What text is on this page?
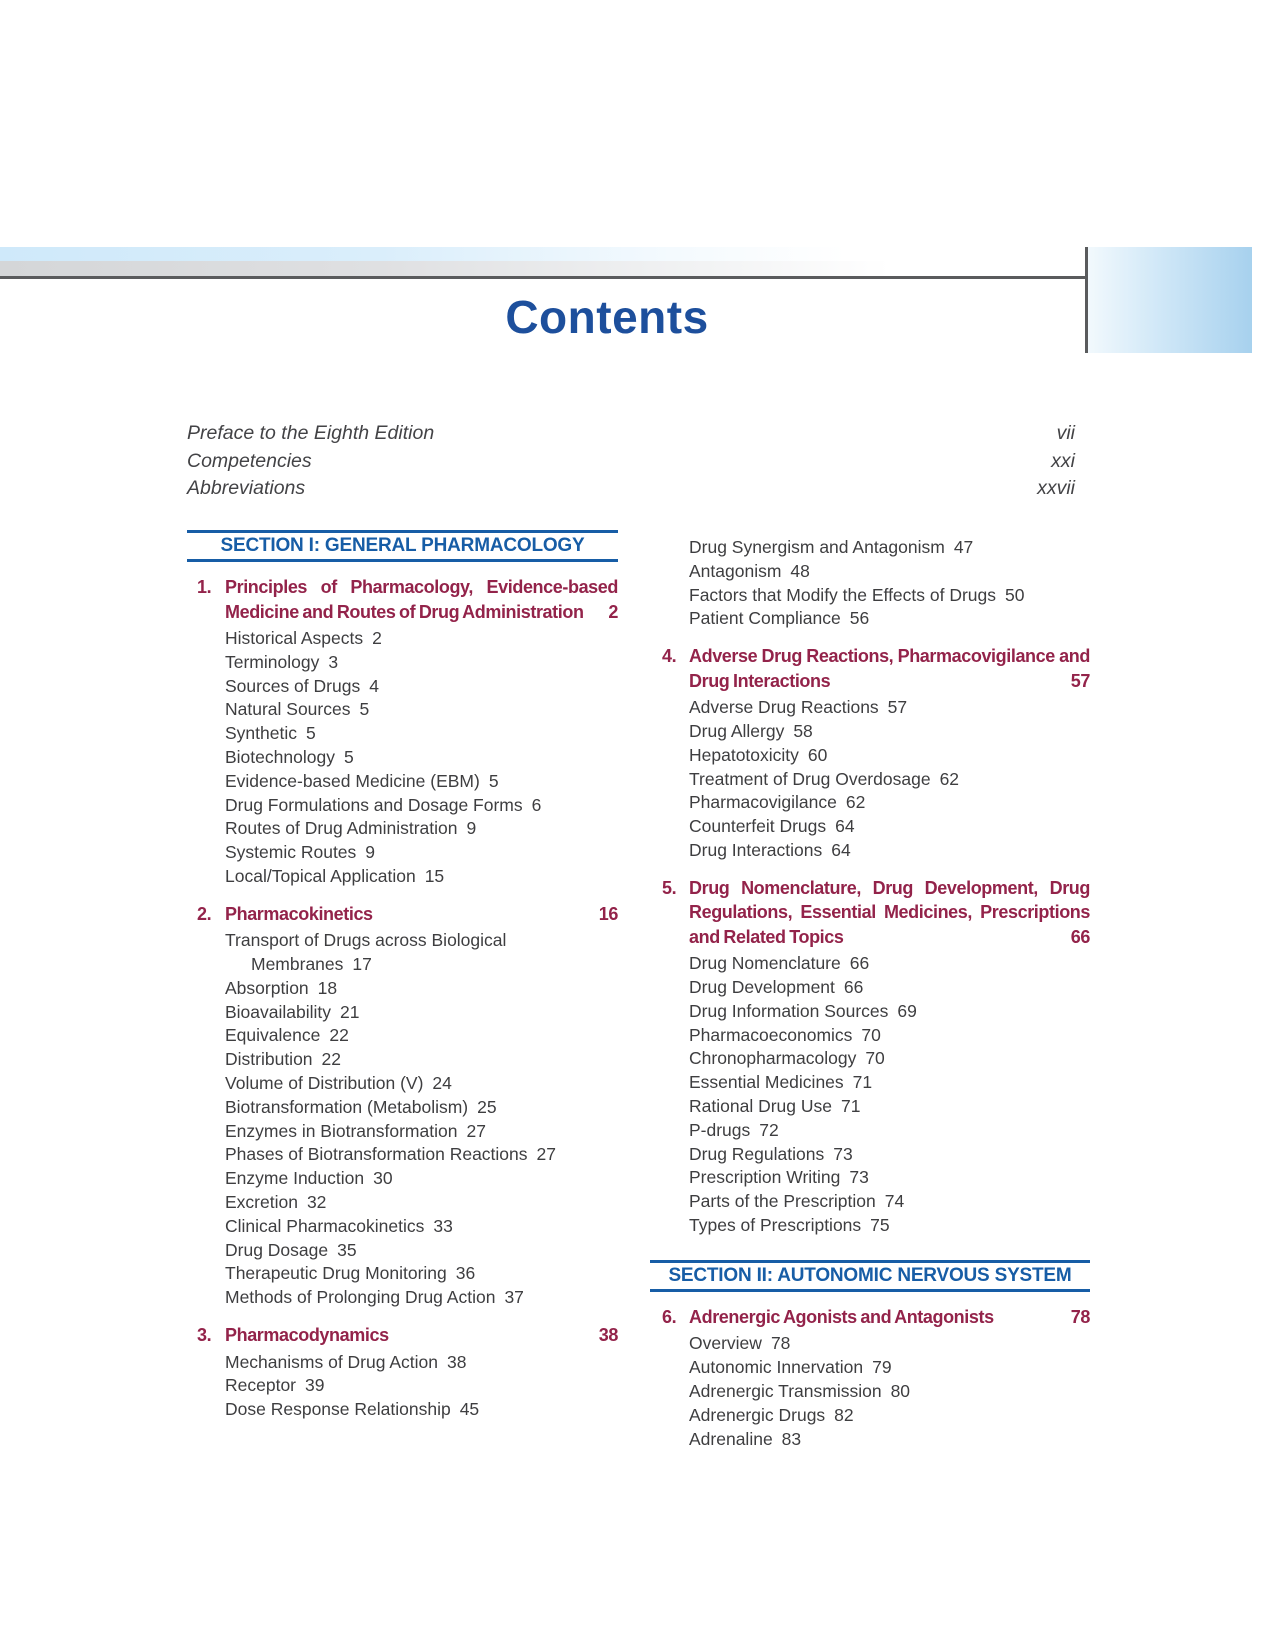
Contents
Preface to the Eighth Edition	vii
Competencies	xxi
Abbreviations	xxvii
SECTION I: GENERAL PHARMACOLOGY
1. Principles of Pharmacology, Evidence-based Medicine and Routes of Drug Administration	2
Historical Aspects 2
Terminology 3
Sources of Drugs 4
Natural Sources 5
Synthetic 5
Biotechnology 5
Evidence-based Medicine (EBM) 5
Drug Formulations and Dosage Forms 6
Routes of Drug Administration 9
Systemic Routes 9
Local/Topical Application 15
2. Pharmacokinetics	16
Transport of Drugs across Biological Membranes 17
Absorption 18
Bioavailability 21
Equivalence 22
Distribution 22
Volume of Distribution (V) 24
Biotransformation (Metabolism) 25
Enzymes in Biotransformation 27
Phases of Biotransformation Reactions 27
Enzyme Induction 30
Excretion 32
Clinical Pharmacokinetics 33
Drug Dosage 35
Therapeutic Drug Monitoring 36
Methods of Prolonging Drug Action 37
3. Pharmacodynamics	38
Mechanisms of Drug Action 38
Receptor 39
Dose Response Relationship 45
Drug Synergism and Antagonism 47
Antagonism 48
Factors that Modify the Effects of Drugs 50
Patient Compliance 56
4. Adverse Drug Reactions, Pharmacovigilance and Drug Interactions	57
Adverse Drug Reactions 57
Drug Allergy 58
Hepatotoxicity 60
Treatment of Drug Overdosage 62
Pharmacovigilance 62
Counterfeit Drugs 64
Drug Interactions 64
5. Drug Nomenclature, Drug Development, Drug Regulations, Essential Medicines, Prescriptions and Related Topics	66
Drug Nomenclature 66
Drug Development 66
Drug Information Sources 69
Pharmacoeconomics 70
Chronopharmacology 70
Essential Medicines 71
Rational Drug Use 71
P-drugs 72
Drug Regulations 73
Prescription Writing 73
Parts of the Prescription 74
Types of Prescriptions 75
SECTION II: AUTONOMIC NERVOUS SYSTEM
6. Adrenergic Agonists and Antagonists	78
Overview 78
Autonomic Innervation 79
Adrenergic Transmission 80
Adrenergic Drugs 82
Adrenaline 83
